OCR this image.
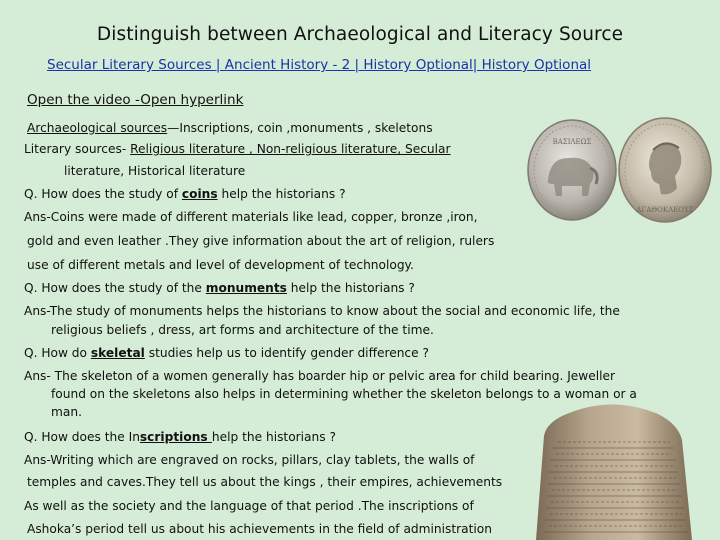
Distinguish between Archaeological and Literacy Source
Secular Literary Sources | Ancient History - 2 | History Optional| History Optional
Open the video -Open hyperlink
ΒΑΣΙΛΕΩΣ
ΑΓΑΘΟΚΛΕΟΥΣ
Archaeological sources—Inscriptions, coin ,monuments , skeletons
Literary sources- Religious literature , Non-religious literature, Secular
literature, Historical literature
Q. How does the study of coins help the historians ?
Ans-Coins were made of different materials like lead, copper, bronze ,iron,
gold and even leather .They give information about the art of religion, rulers
use of different metals and level of development of technology.
Q. How does the study of the monuments help the historians ?
Ans-The study of monuments helps the historians to know about the social and economic life, the
religious beliefs , dress, art forms and architecture of the time.
Q. How do skeletal studies help us to identify gender difference ?
Ans- The skeleton of a women generally has boarder hip or pelvic area for child bearing. Jeweller
found on the skeletons also helps in determining whether the skeleton belongs to a woman or a
man.
Q. How does the Inscriptions help the historians ?
Ans-Writing which are engraved on rocks, pillars, clay tablets, the walls of
temples and caves.They tell us about the kings , their empires, achievements
As well as the society and the language of that period .The inscriptions of
Ashoka’s period tell us about his achievements in the field of administration
